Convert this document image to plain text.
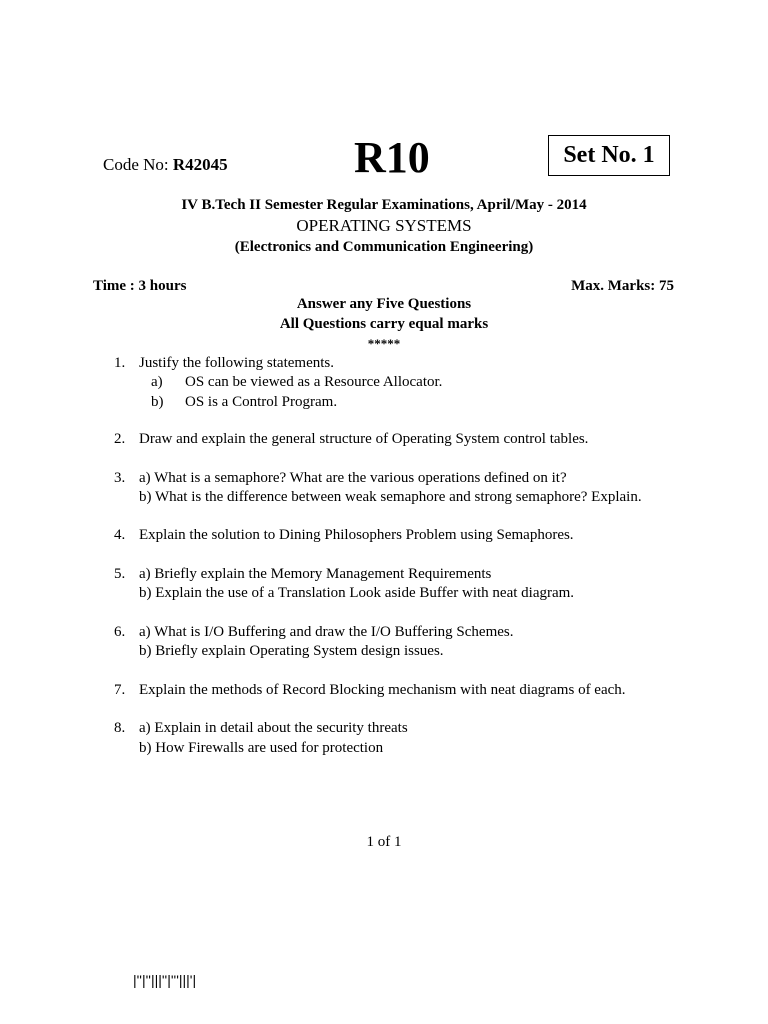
Code No: R42045	R10	Set No. 1
IV B.Tech II Semester Regular Examinations, April/May - 2014
OPERATING SYSTEMS
(Electronics and Communication Engineering)
Time : 3 hours	Max. Marks: 75
Answer any Five Questions
All Questions carry equal marks
*****
1. Justify the following statements.
a) OS can be viewed as a Resource Allocator.
b) OS is a Control Program.
2. Draw and explain the general structure of Operating System control tables.
3. a) What is a semaphore? What are the various operations defined on it?
b) What is the difference between weak semaphore and strong semaphore? Explain.
4. Explain the solution to Dining Philosophers Problem using Semaphores.
5. a) Briefly explain the Memory Management Requirements
b) Explain the use of a Translation Look aside Buffer with neat diagram.
6. a) What is I/O Buffering and draw the I/O Buffering Schemes.
b) Briefly explain Operating System design issues.
7. Explain the methods of Record Blocking mechanism with neat diagrams of each.
8. a) Explain in detail about the security threats
b) How Firewalls are used for protection
1 of 1
|''|''|||''|'''|||'|
